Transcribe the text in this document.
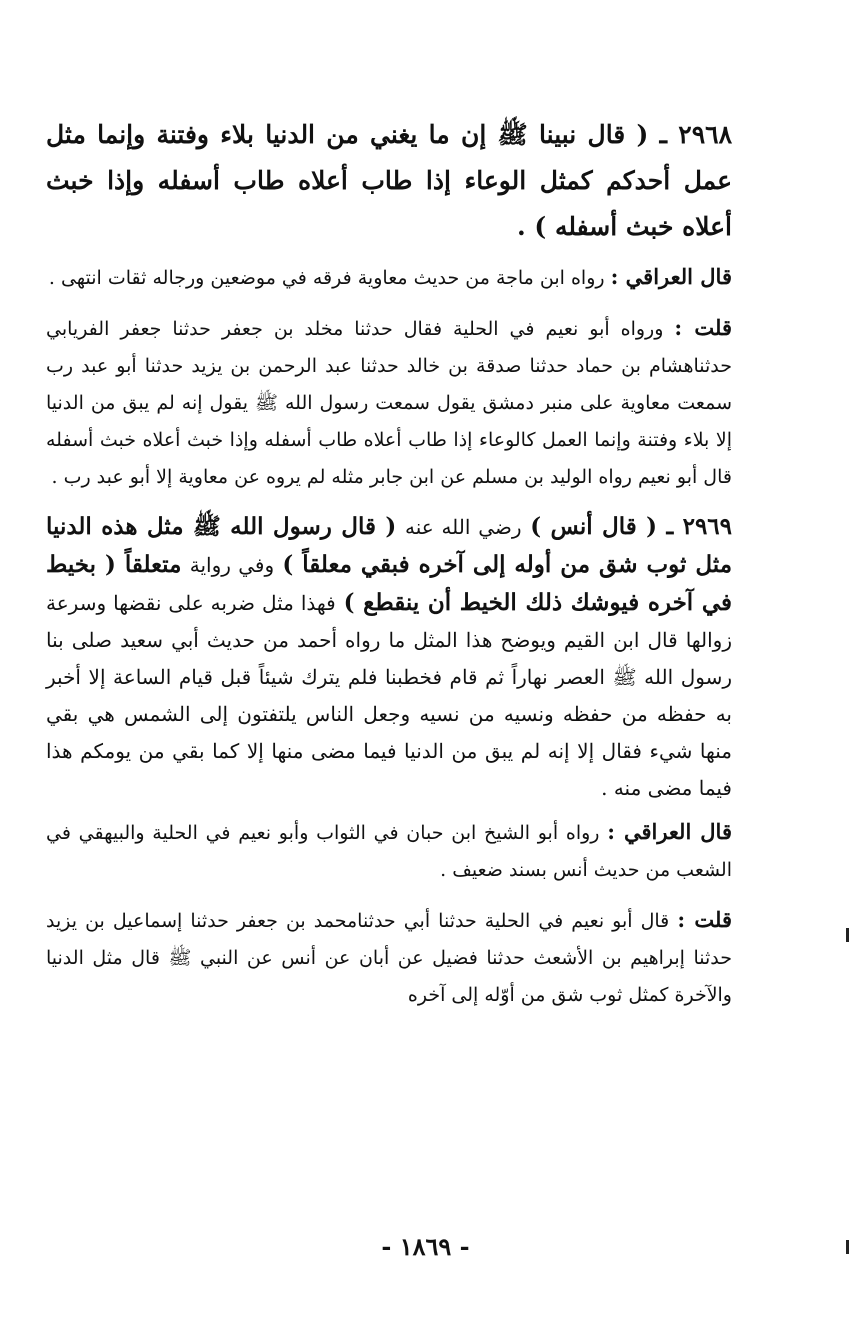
٢٩٦٨ ـ ( قال نبينا ﷺ إن ما يغني من الدنيا بلاء وفتنة وإنما مثل عمل أحدكم كمثل الوعاء إذا طاب أعلاه طاب أسفله وإذا خبث أعلاه خبث أسفله ) .

قال العراقي : رواه ابن ماجة من حديث معاوية فرقه في موضعين ورجاله ثقات انتهى .

قلت : ورواه أبو نعيم في الحلية فقال حدثنا مخلد بن جعفر حدثنا جعفر الفريابي حدثناهشام بن حماد حدثنا صدقة بن خالد حدثنا عبد الرحمن بن يزيد حدثنا أبو عبد رب سمعت معاوية على منبر دمشق يقول سمعت رسول الله ﷺ يقول إنه لم يبق من الدنيا إلا بلاء وفتنة وإنما العمل كالوعاء إذا طاب أعلاه طاب أسفله وإذا خبث أعلاه خبث أسفله قال أبو نعيم رواه الوليد بن مسلم عن ابن جابر مثله لم يروه عن معاوية إلا أبو عبد رب .

٢٩٦٩ ـ ( قال أنس ) رضي الله عنه ( قال رسول الله ﷺ مثل هذه الدنيا مثل ثوب شق من أوله إلى آخره فبقي معلقاً ) وفي رواية متعلقاً ( بخيط في آخره فيوشك ذلك الخيط أن ينقطع ) فهذا مثل ضربه على نقضها وسرعة زوالها قال ابن القيم ويوضح هذا المثل ما رواه أحمد من حديث أبي سعيد صلى بنا رسول الله ﷺ العصر نهاراً ثم قام فخطبنا فلم يترك شيئاً قبل قيام الساعة إلا أخبر به حفظه من حفظه ونسيه من نسيه وجعل الناس يلتفتون إلى الشمس هي بقي منها شيء فقال إلا إنه لم يبق من الدنيا فيما مضى منها إلا كما بقي من يومكم هذا فيما مضى منه .

قال العراقي : رواه أبو الشيخ ابن حبان في الثواب وأبو نعيم في الحلية والبيهقي في الشعب من حديث أنس بسند ضعيف .

قلت : قال أبو نعيم في الحلية حدثنا أبي حدثنامحمد بن جعفر حدثنا إسماعيل بن يزيد حدثنا إبراهيم بن الأشعث حدثنا فضيل عن أبان عن أنس عن النبي ﷺ قال مثل الدنيا والآخرة كمثل ثوب شق من أوّله إلى آخره

- ١٨٦٩ -
